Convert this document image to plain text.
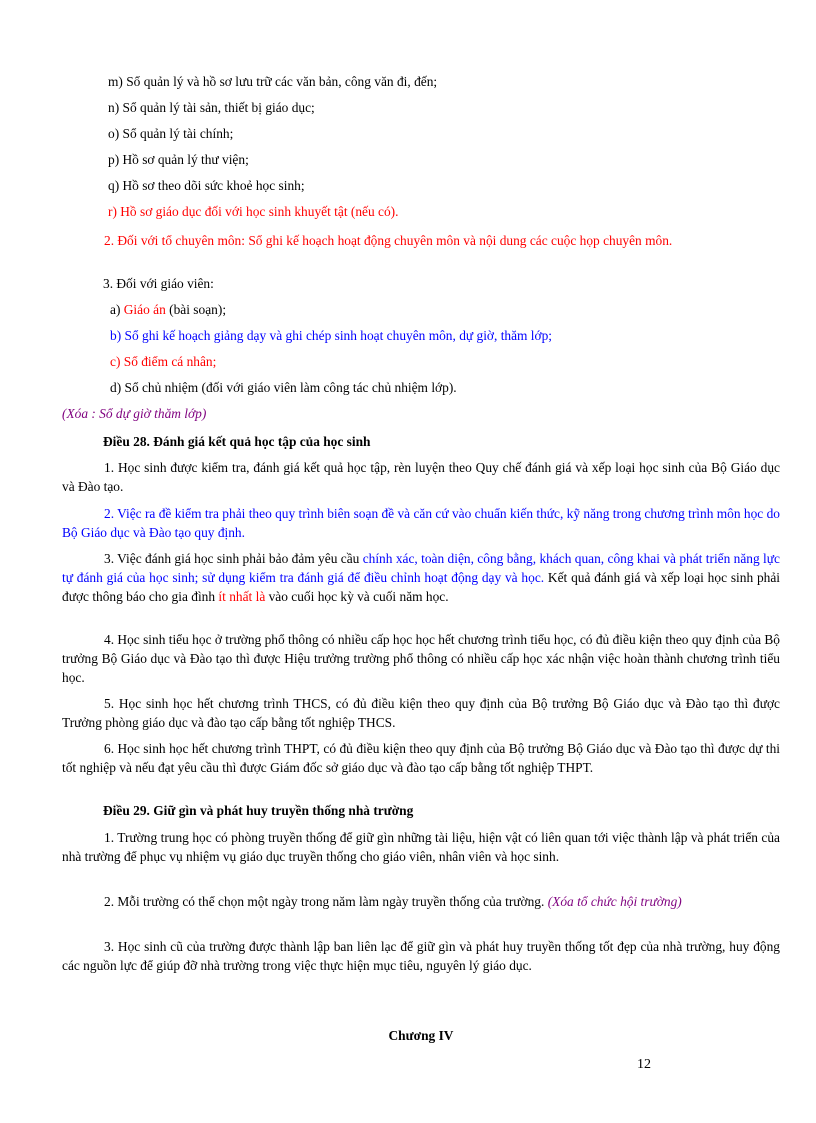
m) Sổ quản lý và hồ sơ lưu trữ các văn bản, công văn đi, đến;
n) Sổ quản lý tài sản, thiết bị giáo dục;
o) Sổ quản lý tài chính;
p) Hồ sơ quản lý thư viện;
q) Hồ sơ theo dõi sức khoẻ học sinh;
r) Hồ sơ giáo dục đối với học sinh khuyết tật (nếu có).
2. Đối với tổ chuyên môn: Sổ ghi kế hoạch hoạt động chuyên môn và nội dung các cuộc họp chuyên môn.
3. Đối với giáo viên:
a) Giáo án (bài soạn);
b) Sổ ghi kế hoạch giảng dạy và ghi chép sinh hoạt chuyên môn, dự giờ, thăm lớp;
c) Sổ điểm cá nhân;
d) Sổ chủ nhiệm (đối với giáo viên làm công tác chủ nhiệm lớp).
(Xóa : Sổ dự giờ thăm lớp)
Điều 28. Đánh giá kết quả học tập của học sinh
1. Học sinh được kiểm tra, đánh giá kết quả học tập, rèn luyện theo Quy chế đánh giá và xếp loại học sinh của Bộ Giáo dục và Đào tạo.
2. Việc ra đề kiểm tra phải theo quy trình biên soạn đề và căn cứ vào chuẩn kiến thức, kỹ năng trong chương trình môn học do Bộ Giáo dục và Đào tạo quy định.
3. Việc đánh giá học sinh phải bảo đảm yêu cầu chính xác, toàn diện, công bằng, khách quan, công khai và phát triển năng lực tự đánh giá của học sinh; sử dụng kiểm tra đánh giá để điều chỉnh hoạt động dạy và học. Kết quả đánh giá và xếp loại học sinh phải được thông báo cho gia đình ít nhất là vào cuối học kỳ và cuối năm học.
4. Học sinh tiểu học ở trường phổ thông có nhiều cấp học học hết chương trình tiểu học, có đủ điều kiện theo quy định của Bộ trưởng Bộ Giáo dục và Đào tạo thì được Hiệu trưởng trường phổ thông có nhiều cấp học xác nhận việc hoàn thành chương trình tiểu học.
5. Học sinh học hết chương trình THCS, có đủ điều kiện theo quy định của Bộ trưởng Bộ Giáo dục và Đào tạo thì được Trưởng phòng giáo dục và đào tạo cấp bằng tốt nghiệp THCS.
6. Học sinh học hết chương trình THPT, có đủ điều kiện theo quy định của Bộ trưởng Bộ Giáo dục và Đào tạo thì được dự thi tốt nghiệp và nếu đạt yêu cầu thì được Giám đốc sở giáo dục và đào tạo cấp bằng tốt nghiệp THPT.
Điều 29. Giữ gìn và phát huy truyền thống nhà trường
1. Trường trung học có phòng truyền thống để giữ gìn những tài liệu, hiện vật có liên quan tới việc thành lập và phát triển của nhà trường để phục vụ nhiệm vụ giáo dục truyền thống cho giáo viên, nhân viên và học sinh.
2. Mỗi trường có thể chọn một ngày trong năm làm ngày truyền thống của trường. (Xóa tổ chức hội trường)
3. Học sinh cũ của trường được thành lập ban liên lạc để giữ gìn và phát huy truyền thống tốt đẹp của nhà trường, huy động các nguồn lực để giúp đỡ nhà trường trong việc thực hiện mục tiêu, nguyên lý giáo dục.
Chương IV
12
